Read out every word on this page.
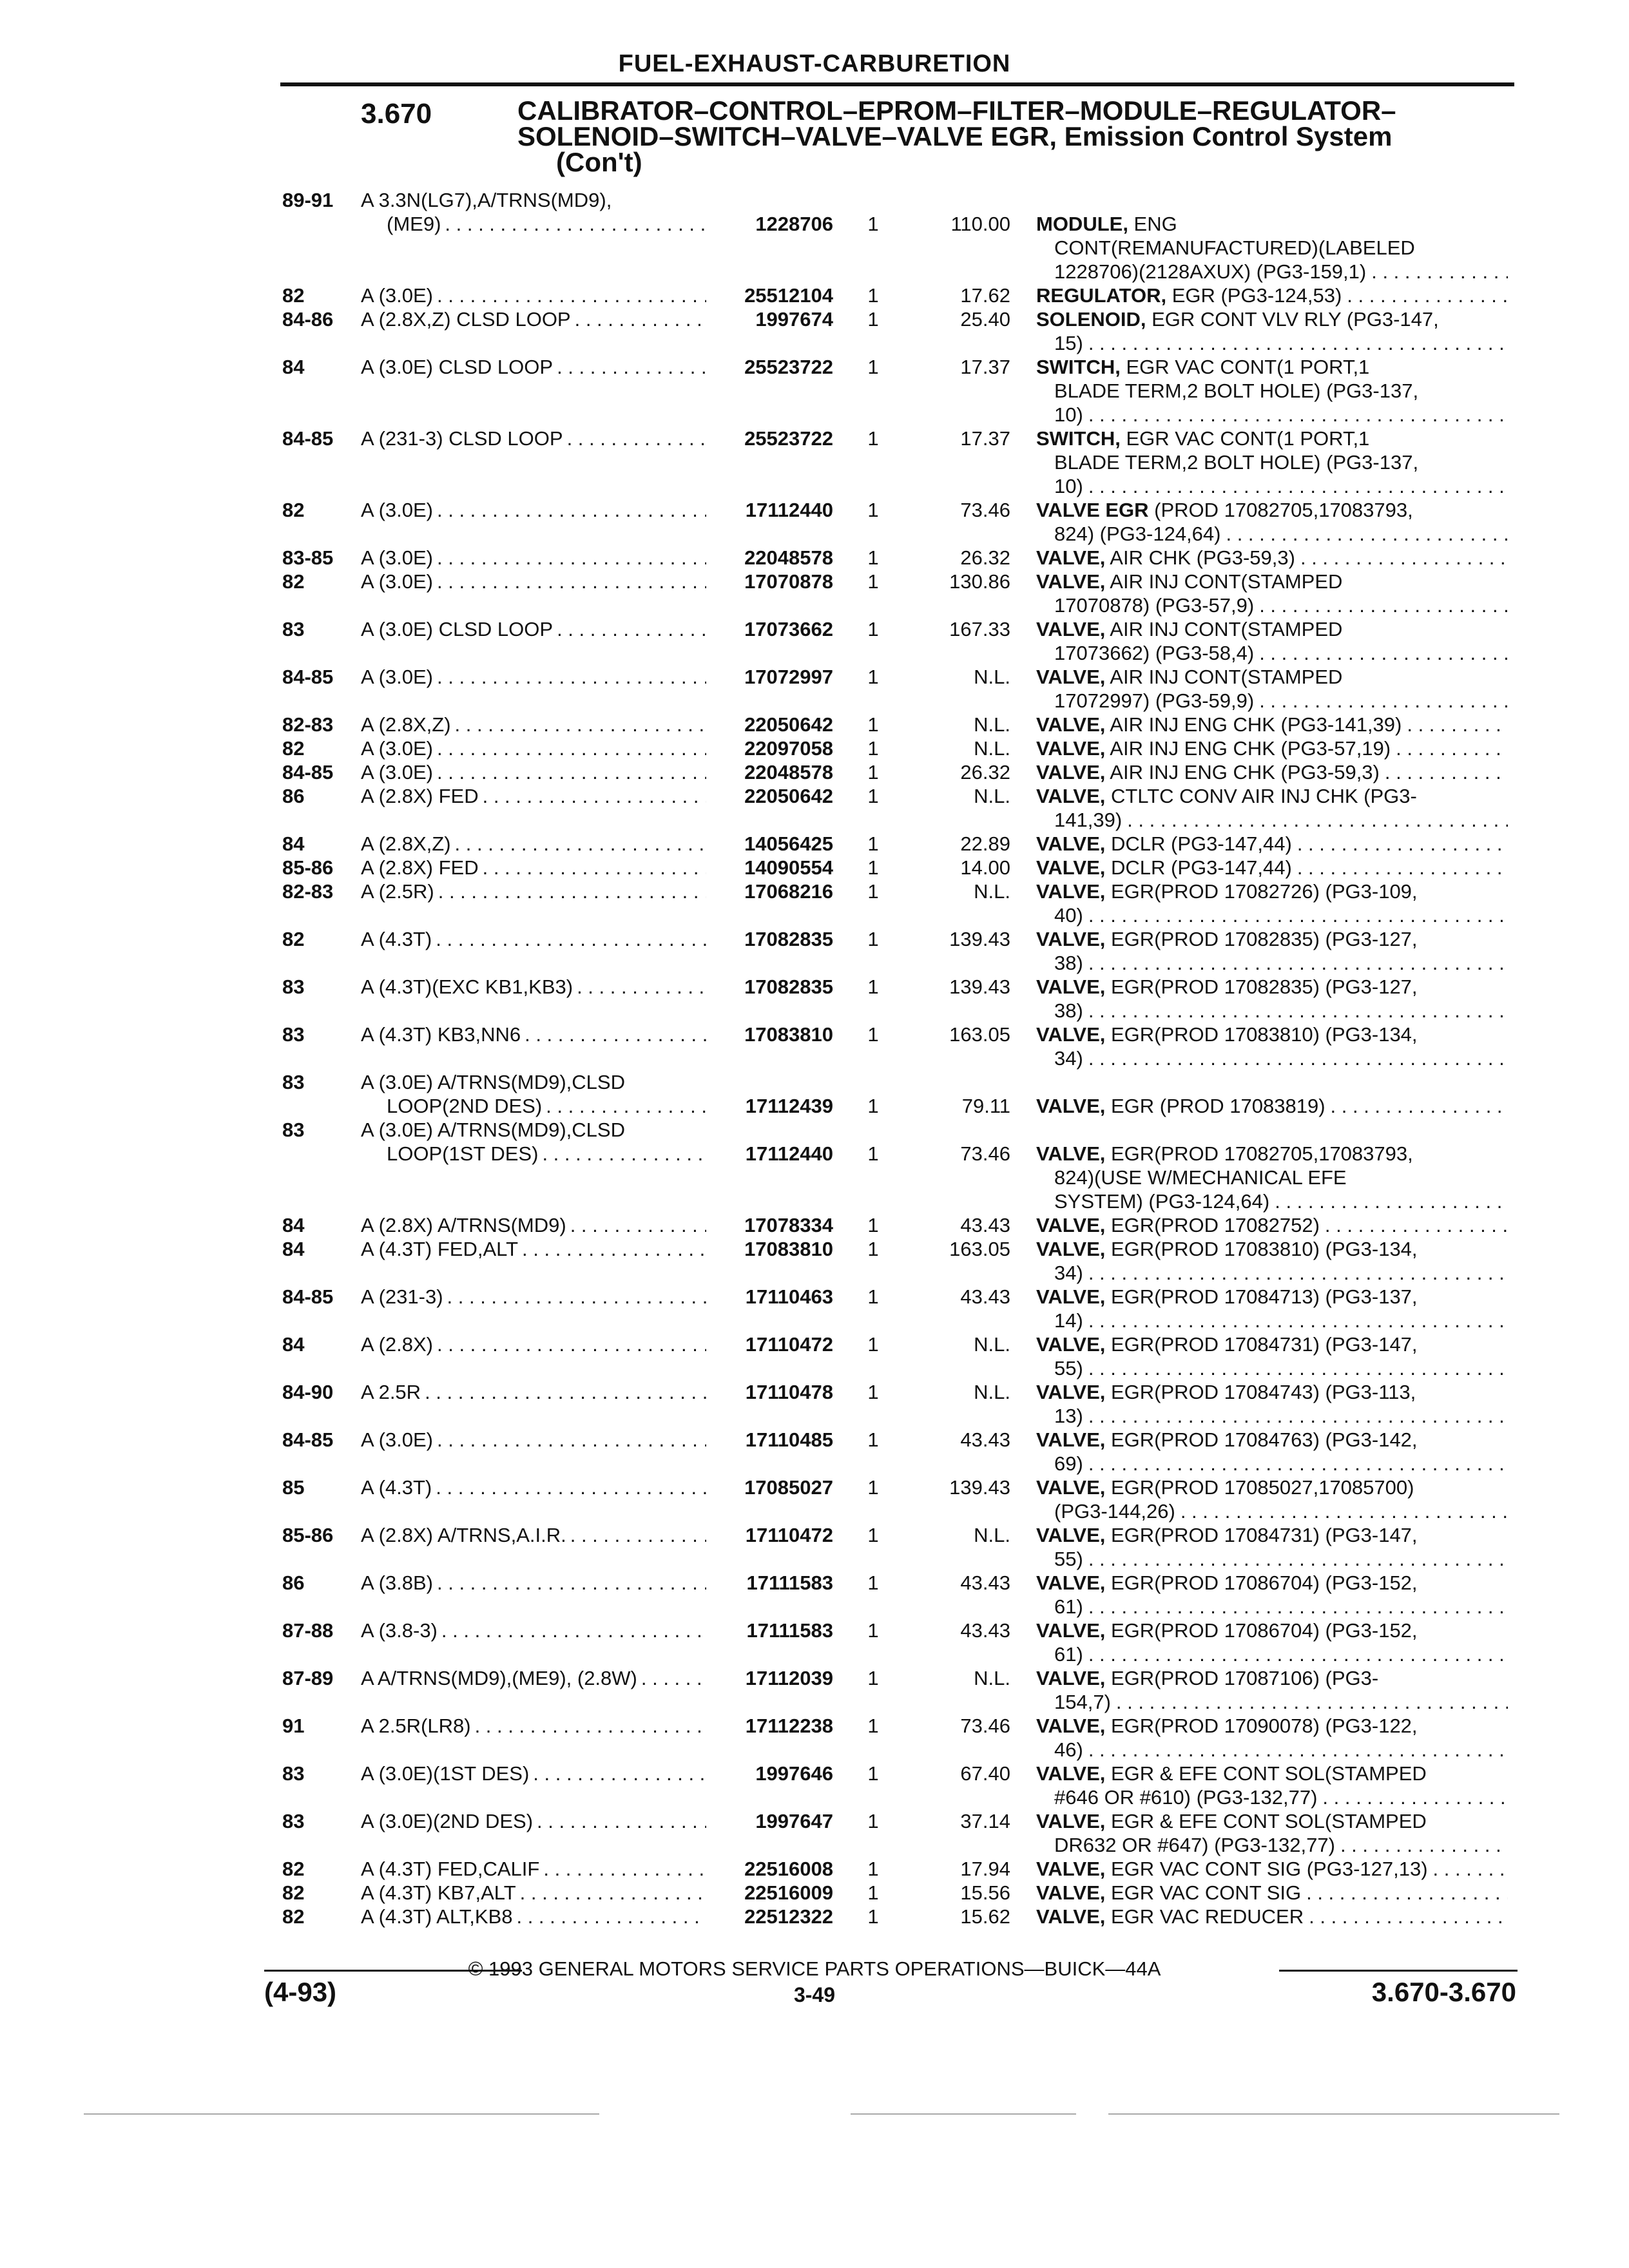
FUEL-EXHAUST-CARBURETION
3.670	CALIBRATOR–CONTROL–EPROM–FILTER–MODULE–REGULATOR–
SOLENOID–SWITCH–VALVE–VALVE EGR, Emission Control System
(Con't)
89-91 A 3.3N(LG7),A/TRNS(MD9),
(ME9) . . .	1228706 1	110.00 MODULE, ENG
CONT(REMANUFACTURED)(LABELED
1228706)(2128AXUX) (PG3-159,1)
. . .
82	A (3.0E) . . .	25512104 1	17.62 REGULATOR, EGR (PG3-124,53)
. . .
84-86 A (2.8X,Z) CLSD LOOP . . .	1997674 1	25.40 SOLENOID, EGR CONT VLV RLY (PG3-147,
15)
. . .
84	A (3.0E) CLSD LOOP . . .	25523722 1	17.37 SWITCH, EGR VAC CONT(1 PORT,1
BLADE TERM,2 BOLT HOLE) (PG3-137,
10)
. . .
84-85 A (231-3) CLSD LOOP . . .	25523722 1	17.37 SWITCH, EGR VAC CONT(1 PORT,1
BLADE TERM,2 BOLT HOLE) (PG3-137,
10)
. . .
82	A (3.0E) . . .	17112440 1	73.46 VALVE EGR (PROD 17082705,17083793,
824) (PG3-124,64)
. . .
83-85 A (3.0E) . . .	22048578 1	26.32 VALVE, AIR CHK (PG3-59,3)
. . .
82	A (3.0E) . . .	17070878 1	130.86 VALVE, AIR INJ CONT(STAMPED
17070878) (PG3-57,9)
. . .
83	A (3.0E) CLSD LOOP . . .	17073662 1	167.33 VALVE, AIR INJ CONT(STAMPED
17073662) (PG3-58,4)
. . .
84-85 A (3.0E) . . .	17072997 1	N.L. VALVE, AIR INJ CONT(STAMPED
17072997) (PG3-59,9)
. . .
82-83 A (2.8X,Z) . . .	22050642 1	N.L. VALVE, AIR INJ ENG CHK (PG3-141,39)
. . .
82	A (3.0E) . . .	22097058 1	N.L. VALVE, AIR INJ ENG CHK (PG3-57,19)
. . .
84-85 A (3.0E) . . .	22048578 1	26.32 VALVE, AIR INJ ENG CHK (PG3-59,3)
. . .
86	A (2.8X) FED . . .	22050642 1	N.L. VALVE, CTLTC CONV AIR INJ CHK (PG3-
141,39)
. . .
84	A (2.8X,Z) . . .	14056425 1	22.89 VALVE, DCLR (PG3-147,44)
. . .
85-86 A (2.8X) FED . . .	14090554 1	14.00 VALVE, DCLR (PG3-147,44)
. . .
82-83 A (2.5R) . . .	17068216 1	N.L. VALVE, EGR(PROD 17082726) (PG3-109,
40)
. . .
82	A (4.3T) . . .	17082835 1	139.43 VALVE, EGR(PROD 17082835) (PG3-127,
38)
. . .
83	A (4.3T)(EXC KB1,KB3) . . .	17082835 1	139.43 VALVE, EGR(PROD 17082835) (PG3-127,
38)
. . .
83	A (4.3T) KB3,NN6 . . .	17083810 1	163.05 VALVE, EGR(PROD 17083810) (PG3-134,
34)
. . .
83	A (3.0E) A/TRNS(MD9),CLSD
LOOP(2ND DES) . . .	17112439 1	79.11 VALVE, EGR (PROD 17083819)
. . .
83	A (3.0E) A/TRNS(MD9),CLSD
LOOP(1ST DES) . . .	17112440 1	73.46 VALVE, EGR(PROD 17082705,17083793,
824)(USE W/MECHANICAL EFE
SYSTEM) (PG3-124,64)
. . .
84	A (2.8X) A/TRNS(MD9) . . .	17078334 1	43.43 VALVE, EGR(PROD 17082752)
. . .
84	A (4.3T) FED,ALT . . .	17083810 1	163.05 VALVE, EGR(PROD 17083810) (PG3-134,
34)
. . .
84-85 A (231-3) . . .	17110463 1	43.43 VALVE, EGR(PROD 17084713) (PG3-137,
14)
. . .
84	A (2.8X) . . .	17110472 1	N.L. VALVE, EGR(PROD 17084731) (PG3-147,
55)
. . .
84-90 A 2.5R . . .	17110478 1	N.L. VALVE, EGR(PROD 17084743) (PG3-113,
13)
. . .
84-85 A (3.0E) . . .	17110485 1	43.43 VALVE, EGR(PROD 17084763) (PG3-142,
69)
. . .
85	A (4.3T) . . .	17085027 1	139.43 VALVE, EGR(PROD 17085027,17085700)
(PG3-144,26)
. . .
85-86 A (2.8X) A/TRNS,A.I.R. . . .	17110472 1	N.L. VALVE, EGR(PROD 17084731) (PG3-147,
55)
. . .
86	A (3.8B) . . .	17111583 1	43.43 VALVE, EGR(PROD 17086704) (PG3-152,
61)
. . .
87-88 A (3.8-3) . . .	17111583 1	43.43 VALVE, EGR(PROD 17086704) (PG3-152,
61)
. . .
87-89 A A/TRNS(MD9),(ME9), (2.8W) . . .	17112039 1	N.L. VALVE, EGR(PROD 17087106) (PG3-
154,7)
. . .
91	A 2.5R(LR8) . . .	17112238 1	73.46 VALVE, EGR(PROD 17090078) (PG3-122,
46)
. . .
83	A (3.0E)(1ST DES) . . .	1997646 1	67.40 VALVE, EGR & EFE CONT SOL(STAMPED
#646 OR #610) (PG3-132,77)
. . .
83	A (3.0E)(2ND DES) . . .	1997647 1	37.14 VALVE, EGR & EFE CONT SOL(STAMPED
DR632 OR #647) (PG3-132,77)
. . .
82	A (4.3T) FED,CALIF . . .	22516008 1	17.94 VALVE, EGR VAC CONT SIG (PG3-127,13)
. . .
82	A (4.3T) KB7,ALT . . .	22516009 1	15.56 VALVE, EGR VAC CONT SIG
. . .
82	A (4.3T) ALT,KB8 . . .	22512322 1	15.62 VALVE, EGR VAC REDUCER
. . .
© 1993 GENERAL MOTORS SERVICE PARTS OPERATIONS—BUICK—44A
(4-93)	3-49	3.670-3.670
